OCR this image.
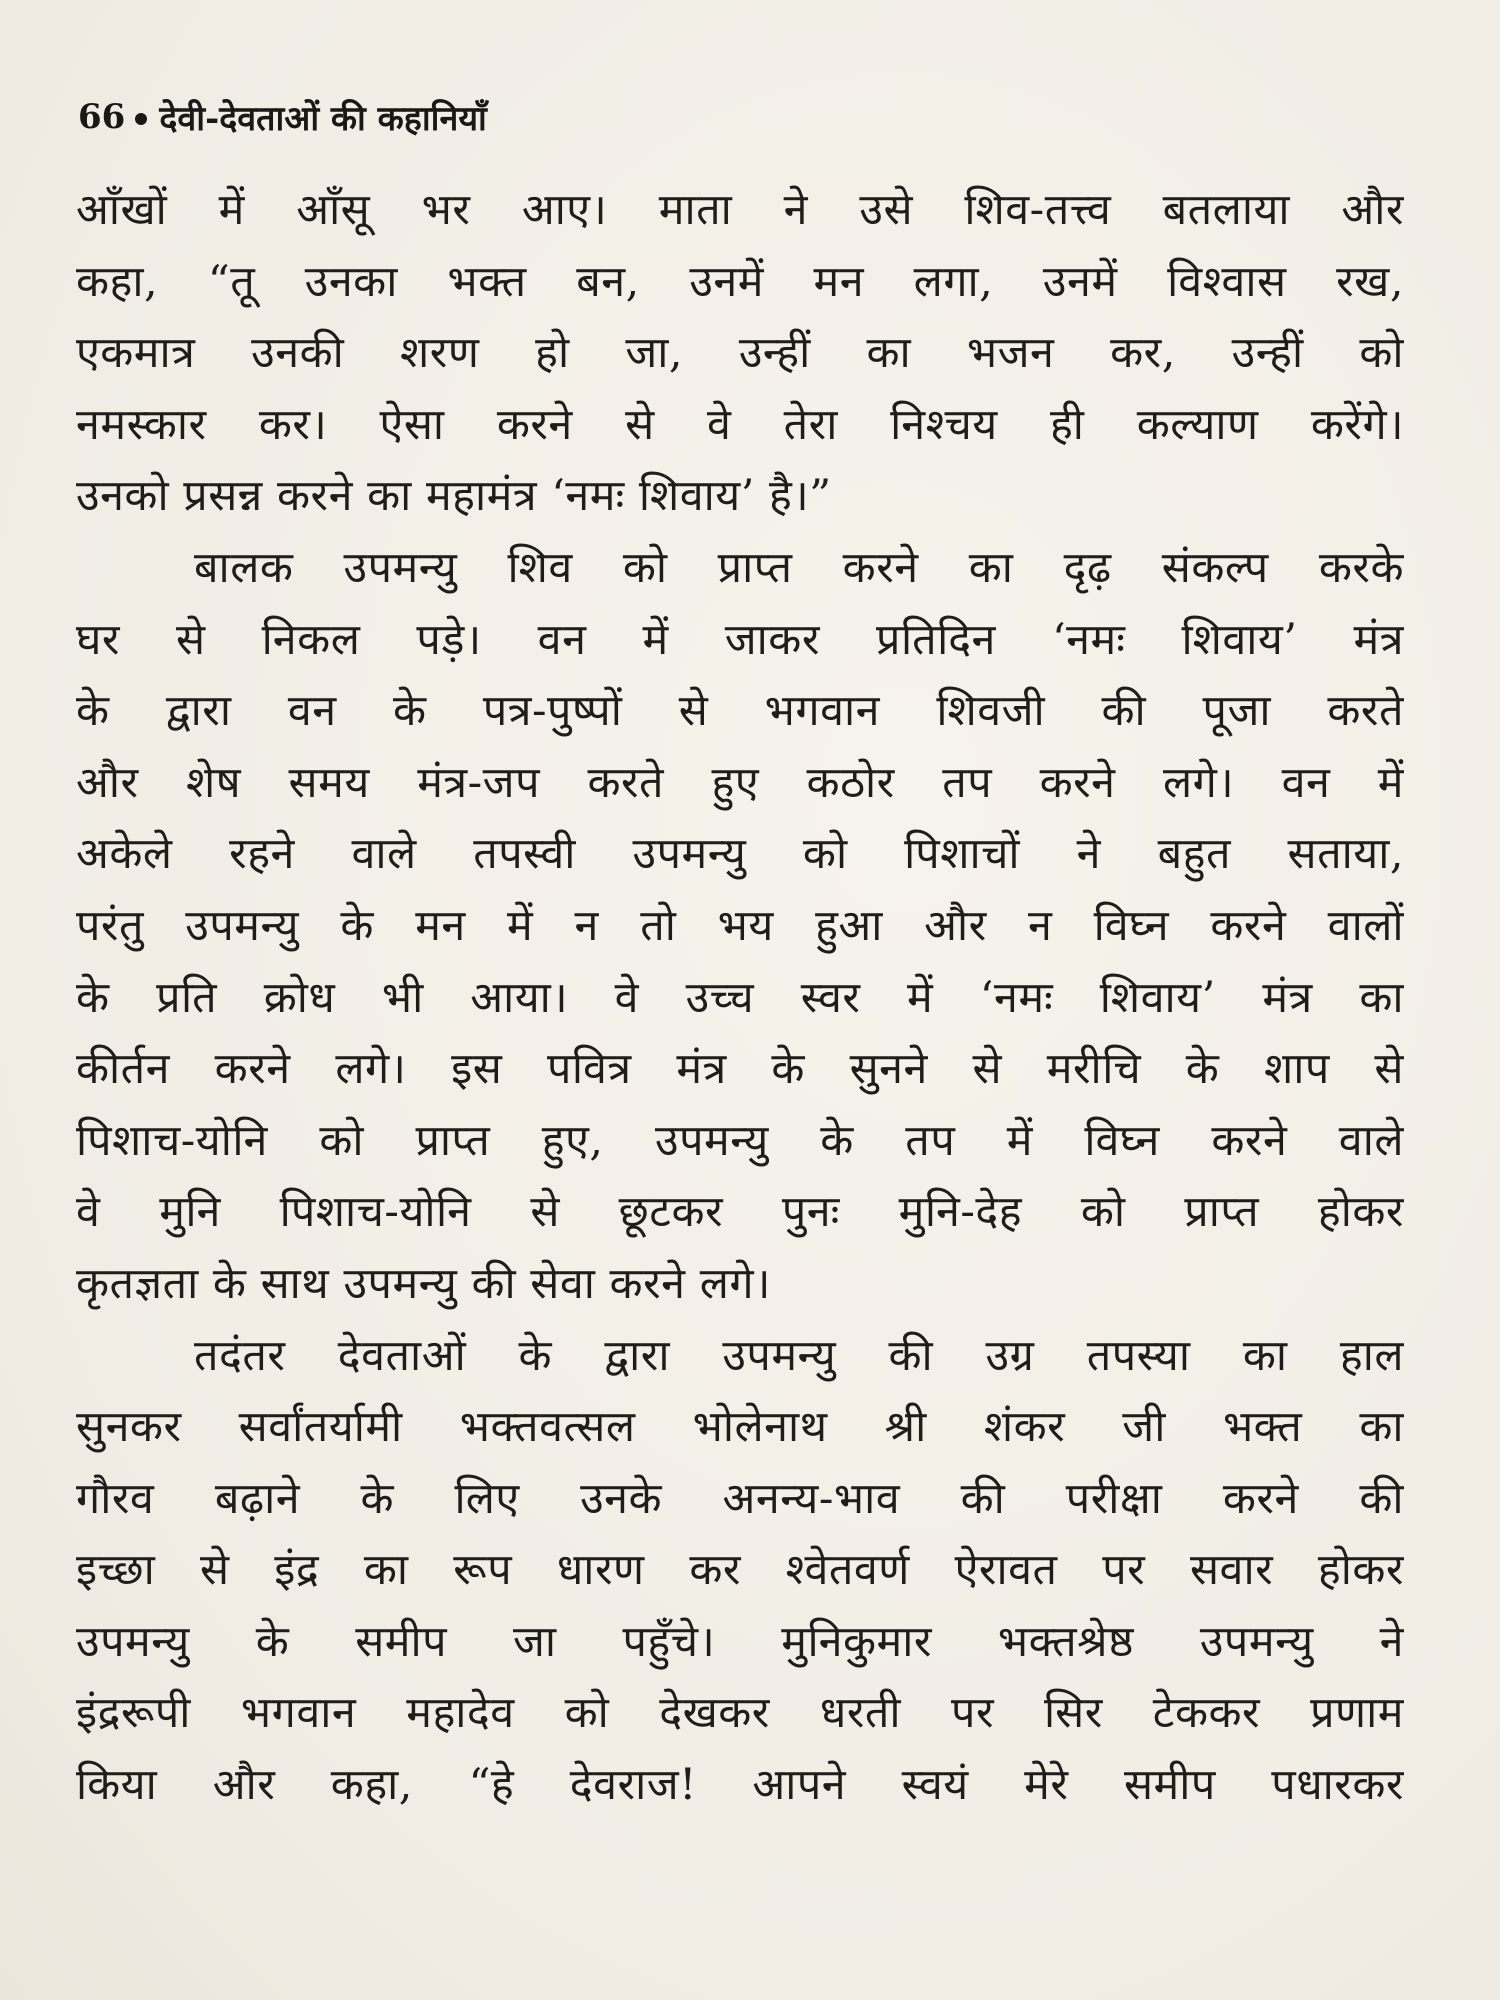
66 देवी-देवताओं की कहानियाँ
आँखों में आँसू भर आए। माता ने उसे शिव-तत्त्व बतलाया और
कहा, “तू उनका भक्त बन, उनमें मन लगा, उनमें विश्वास रख,
एकमात्र उनकी शरण हो जा, उन्हीं का भजन कर, उन्हीं को
नमस्कार कर। ऐसा करने से वे तेरा निश्चय ही कल्याण करेंगे।
उनको प्रसन्न करने का महामंत्र ‘नमः शिवाय’ है।”
बालक उपमन्यु शिव को प्राप्त करने का दृढ़ संकल्प करके
घर से निकल पड़े। वन में जाकर प्रतिदिन ‘नमः शिवाय’ मंत्र
के द्वारा वन के पत्र-पुष्पों से भगवान शिवजी की पूजा करते
और शेष समय मंत्र-जप करते हुए कठोर तप करने लगे। वन में
अकेले रहने वाले तपस्वी उपमन्यु को पिशाचों ने बहुत सताया,
परंतु उपमन्यु के मन में न तो भय हुआ और न विघ्न करने वालों
के प्रति क्रोध भी आया। वे उच्च स्वर में ‘नमः शिवाय’ मंत्र का
कीर्तन करने लगे। इस पवित्र मंत्र के सुनने से मरीचि के शाप से
पिशाच-योनि को प्राप्त हुए, उपमन्यु के तप में विघ्न करने वाले
वे मुनि पिशाच-योनि से छूटकर पुनः मुनि-देह को प्राप्त होकर
कृतज्ञता के साथ उपमन्यु की सेवा करने लगे।
तदंतर देवताओं के द्वारा उपमन्यु की उग्र तपस्या का हाल
सुनकर सर्वांतर्यामी भक्तवत्सल भोलेनाथ श्री शंकर जी भक्त का
गौरव बढ़ाने के लिए उनके अनन्य-भाव की परीक्षा करने की
इच्छा से इंद्र का रूप धारण कर श्वेतवर्ण ऐरावत पर सवार होकर
उपमन्यु के समीप जा पहुँचे। मुनिकुमार भक्तश्रेष्ठ उपमन्यु ने
इंद्ररूपी भगवान महादेव को देखकर धरती पर सिर टेककर प्रणाम
किया और कहा, “हे देवराज! आपने स्वयं मेरे समीप पधारकर
